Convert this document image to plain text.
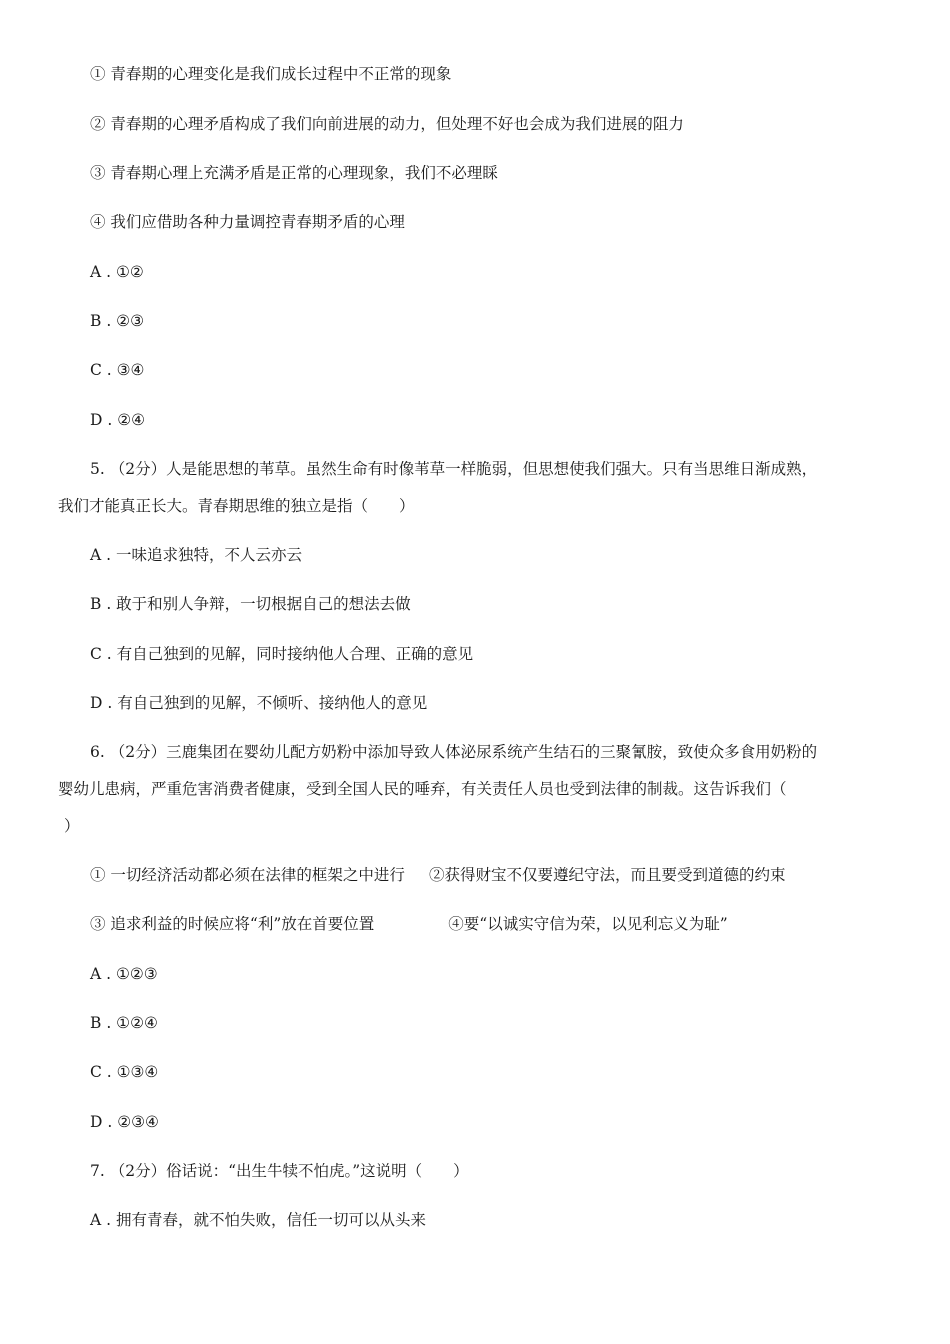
① 青春期的心理变化是我们成长过程中不正常的现象
② 青春期的心理矛盾构成了我们向前进展的动力，但处理不好也会成为我们进展的阻力
③ 青春期心理上充满矛盾是正常的心理现象，我们不必理睬
④ 我们应借助各种力量调控青春期矛盾的心理
A . ①②
B . ②③
C . ③④
D . ②④
5. （2分）人是能思想的苇草。虽然生命有时像苇草一样脆弱，但思想使我们强大。只有当思维日渐成熟，
我们才能真正长大。青春期思维的独立是指（　　）
A . 一味追求独特，不人云亦云
B . 敢于和别人争辩，一切根据自己的想法去做
C . 有自己独到的见解，同时接纳他人合理、正确的意见
D . 有自己独到的见解，不倾听、接纳他人的意见
6. （2分）三鹿集团在婴幼儿配方奶粉中添加导致人体泌尿系统产生结石的三聚氰胺，致使众多食用奶粉的
婴幼儿患病，严重危害消费者健康，受到全国人民的唾弃，有关责任人员也受到法律的制裁。这告诉我们（
）
① 一切经济活动都必须在法律的框架之中进行 ②获得财宝不仅要遵纪守法，而且要受到道德的约束
③ 追求利益的时候应将“利”放在首要位置	④要“以诚实守信为荣，以见利忘义为耻”
A . ①②③
B . ①②④
C . ①③④
D . ②③④
7. （2分）俗话说：“出生牛犊不怕虎。”这说明（　　）
A . 拥有青春，就不怕失败，信任一切可以从头来
